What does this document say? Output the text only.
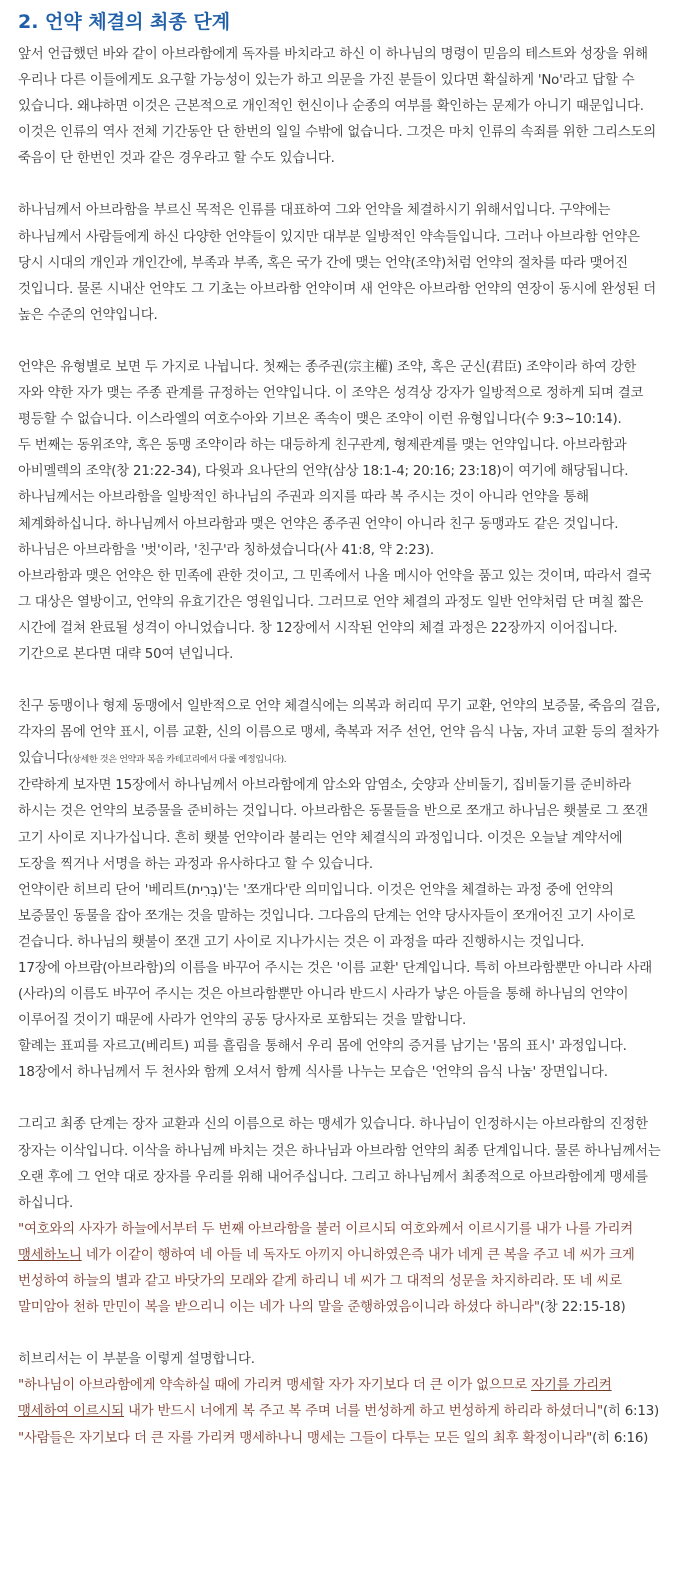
2. 언약 체결의 최종 단계

앞서 언급했던 바와 같이 아브라함에게 독자를 바치라고 하신 이 하나님의 명령이 믿음의 테스트와 성장을 위해 우리나 다른 이들에게도 요구할 가능성이 있는가 하고 의문을 가진 분들이 있다면 확실하게 'No'라고 답할 수 있습니다. 왜냐하면 이것은 근본적으로 개인적인 헌신이나 순종의 여부를 확인하는 문제가 아니기 때문입니다. 이것은 인류의 역사 전체 기간동안 단 한번의 일일 수밖에 없습니다. 그것은 마치 인류의 속죄를 위한 그리스도의 죽음이 단 한번인 것과 같은 경우라고 할 수도 있습니다.

하나님께서 아브라함을 부르신 목적은 인류를 대표하여 그와 언약을 체결하시기 위해서입니다. 구약에는 하나님께서 사람들에게 하신 다양한 언약들이 있지만 대부분 일방적인 약속들입니다. 그러나 아브라함 언약은 당시 시대의 개인과 개인간에, 부족과 부족, 혹은 국가 간에 맺는 언약(조약)처럼 언약의 절차를 따라 맺어진 것입니다. 물론 시내산 언약도 그 기초는 아브라함 언약이며 새 언약은 아브라함 언약의 연장이 동시에 완성된 더 높은 수준의 언약입니다.

언약은 유형별로 보면 두 가지로 나뉩니다. 첫째는 종주권(宗主權) 조약, 혹은 군신(君臣) 조약이라 하여 강한 자와 약한 자가 맺는 주종 관계를 규정하는 언약입니다. 이 조약은 성격상 강자가 일방적으로 정하게 되며 결코 평등할 수 없습니다. 이스라엘의 여호수아와 기브온 족속이 맺은 조약이 이런 유형입니다(수 9:3~10:14).

두 번째는 동위조약, 혹은 동맹 조약이라 하는 대등하게 친구관계, 형제관계를 맺는 언약입니다. 아브라함과 아비멜렉의 조약(창 21:22-34), 다윗과 요나단의 언약(삼상 18:1-4; 20:16; 23:18)이 여기에 해당됩니다.

하나님께서는 아브라함을 일방적인 하나님의 주권과 의지를 따라 복 주시는 것이 아니라 언약을 통해 체계화하십니다. 하나님께서 아브라함과 맺은 언약은 종주권 언약이 아니라 친구 동맹과도 같은 것입니다. 하나님은 아브라함을 '벗'이라, '친구'라 칭하셨습니다(사 41:8, 약 2:23).

아브라함과 맺은 언약은 한 민족에 관한 것이고, 그 민족에서 나올 메시아 언약을 품고 있는 것이며, 따라서 결국 그 대상은 열방이고, 언약의 유효기간은 영원입니다. 그러므로 언약 체결의 과정도 일반 언약처럼 단 며칠 짧은 시간에 걸쳐 완료될 성격이 아니었습니다. 창 12장에서 시작된 언약의 체결 과정은 22장까지 이어집니다. 기간으로 본다면 대략 50여 년입니다.

친구 동맹이나 형제 동맹에서 일반적으로 언약 체결식에는 의복과 허리띠 무기 교환, 언약의 보증물, 죽음의 걸음, 각자의 몸에 언약 표시, 이름 교환, 신의 이름으로 맹세, 축복과 저주 선언, 언약 음식 나눔, 자녀 교환 등의 절차가 있습니다(상세한 것은 언약과 복음 카테고리에서 다룰 예정입니다).

간략하게 보자면 15장에서 하나님께서 아브라함에게 암소와 암염소, 숫양과 산비둘기, 집비둘기를 준비하라 하시는 것은 언약의 보증물을 준비하는 것입니다. 아브라함은 동물들을 반으로 쪼개고 하나님은 횃불로 그 쪼갠 고기 사이로 지나가십니다. 흔히 횃불 언약이라 불리는 언약 체결식의 과정입니다. 이것은 오늘날 계약서에 도장을 찍거나 서명을 하는 과정과 유사하다고 할 수 있습니다.

언약이란 히브리 단어 '베리트(בְּרִית)'는 '쪼개다'란 의미입니다. 이것은 언약을 체결하는 과정 중에 언약의 보증물인 동물을 잡아 쪼개는 것을 말하는 것입니다. 그다음의 단계는 언약 당사자들이 쪼개어진 고기 사이로 걷습니다. 하나님의 횃불이 쪼갠 고기 사이로 지나가시는 것은 이 과정을 따라 진행하시는 것입니다.

17장에 아브람(아브라함)의 이름을 바꾸어 주시는 것은 '이름 교환' 단계입니다. 특히 아브라함뿐만 아니라 사래(사라)의 이름도 바꾸어 주시는 것은 아브라함뿐만 아니라 반드시 사라가 낳은 아들을 통해 하나님의 언약이 이루어질 것이기 때문에 사라가 언약의 공동 당사자로 포함되는 것을 말합니다.

할례는 표피를 자르고(베리트) 피를 흘림을 통해서 우리 몸에 언약의 증거를 남기는 '몸의 표시' 과정입니다. 18장에서 하나님께서 두 천사와 함께 오셔서 함께 식사를 나누는 모습은 '언약의 음식 나눔' 장면입니다.

그리고 최종 단계는 장자 교환과 신의 이름으로 하는 맹세가 있습니다. 하나님이 인정하시는 아브라함의 진정한 장자는 이삭입니다. 이삭을 하나님께 바치는 것은 하나님과 아브라함 언약의 최종 단계입니다. 물론 하나님께서는 오랜 후에 그 언약 대로 장자를 우리를 위해 내어주십니다. 그리고 하나님께서 최종적으로 아브라함에게 맹세를 하십니다.

"여호와의 사자가 하늘에서부터 두 번째 아브라함을 불러 이르시되 여호와께서 이르시기를 내가 나를 가리켜 맹세하노니 네가 이같이 행하여 네 아들 네 독자도 아끼지 아니하였은즉 내가 네게 큰 복을 주고 네 씨가 크게 번성하여 하늘의 별과 같고 바닷가의 모래와 같게 하리니 네 씨가 그 대적의 성문을 차지하리라. 또 네 씨로 말미암아 천하 만민이 복을 받으리니 이는 네가 나의 말을 준행하였음이니라 하셨다 하니라"(창 22:15-18)

히브리서는 이 부분을 이렇게 설명합니다.

"하나님이 아브라함에게 약속하실 때에 가리켜 맹세할 자가 자기보다 더 큰 이가 없으므로 자기를 가리켜 맹세하여 이르시되 내가 반드시 너에게 복 주고 복 주며 너를 번성하게 하고 번성하게 하리라 하셨더니"(히 6:13)

"사람들은 자기보다 더 큰 자를 가리켜 맹세하나니 맹세는 그들이 다투는 모든 일의 최후 확정이니라"(히 6:16)
